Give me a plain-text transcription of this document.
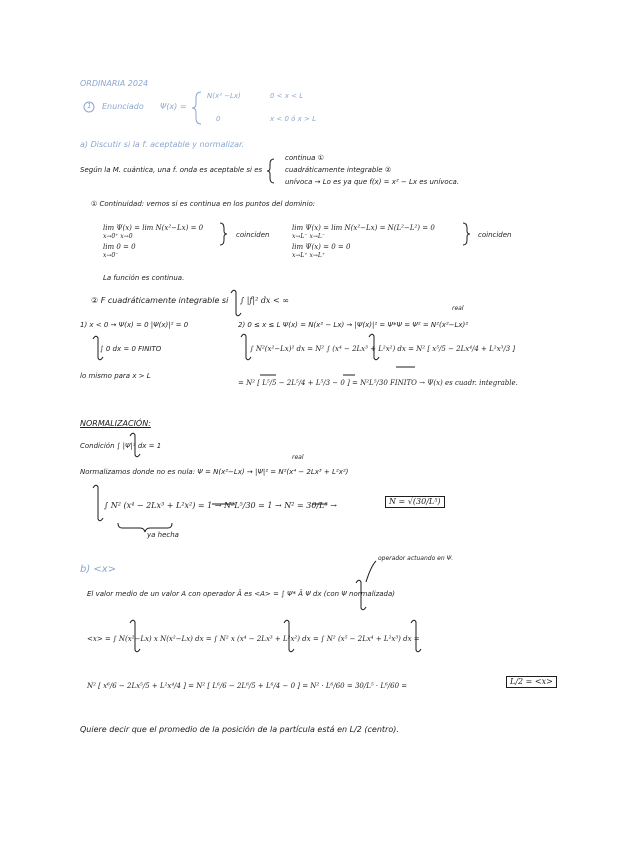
ORDINARIA 2024
1 Enunciado Ψ(x) =
N(x² −Lx)	0 < x < L
0	x < 0 ó x > L
a) Discutir si la f. aceptable y normalizar.
Según la M. cuántica, una f. onda es aceptable si es
continua ①
cuadráticamente integrable ②
unívoca → Lo es ya que f(x) = x² − Lx es unívoca.
① Continuidad: vemos si es continua en los puntos del dominio:
lim Ψ(x) = lim N(x²−Lx) = 0
x→0⁺ x→0
lim 0 = 0
x→0⁻
coinciden
lim Ψ(x) = lim N(x²−Lx) = N(L²−L²) = 0
x→L⁻ x→L⁻
lim Ψ(x) = 0 = 0
x→L⁺ x→L⁺
coinciden
La función es continua.
② F cuadráticamente integrable si ∫ |f|² dx < ∞
1) x < 0 → Ψ(x) = 0 |Ψ(x)|² = 0
∫ 0 dx = 0 FINITO
lo mismo para x > L
2) 0 ≤ x ≤ L Ψ(x) = N(x² − Lx) → |Ψ(x)|² = Ψ*Ψ = Ψ² = N²(x²−Lx)²
real
∫ N²(x²−Lx)² dx = N² ∫ (x⁴ − 2Lx³ + L²x²) dx = N² [ x⁵/5 − 2Lx⁴/4 + L²x³/3 ]
= N² [ L⁵/5 − 2L⁵/4 + L⁵/3 − 0 ] = N²L⁵/30 FINITO → Ψ(x) es cuadr. integrable.
NORMALIZACIÓN:
Condición ∫ |Ψ|² dx = 1
Normalizamos donde no es nula: Ψ = N(x²−Lx) → |Ψ|² = N²(x⁴ − 2Lx³ + L²x²)
real
∫ N² (x⁴ − 2Lx³ + L²x²) = 1 → N²L⁵/30 = 1 → N² = 30/L⁵ →	N = √(30/L⁵)
ya hecha
b) <x>
operador actuando en Ψ.
El valor medio de un valor A con operador Â es <A> = ∫ Ψ* Â Ψ dx (con Ψ normalizada)
<x> = ∫ N(x²−Lx) x N(x²−Lx) dx = ∫ N² x (x⁴ − 2Lx³ + L²x²) dx = ∫ N² (x⁵ − 2Lx⁴ + L²x³) dx =
N² [ x⁶/6 − 2Lx⁵/5 + L²x⁴/4 ] = N² [ L⁶/6 − 2L⁶/5 + L⁶/4 − 0 ] = N² · L⁶/60 = 30/L⁵ · L⁶/60 =	L/2 = <x>
Quiere decir que el promedio de la posición de la partícula está en L/2 (centro).
